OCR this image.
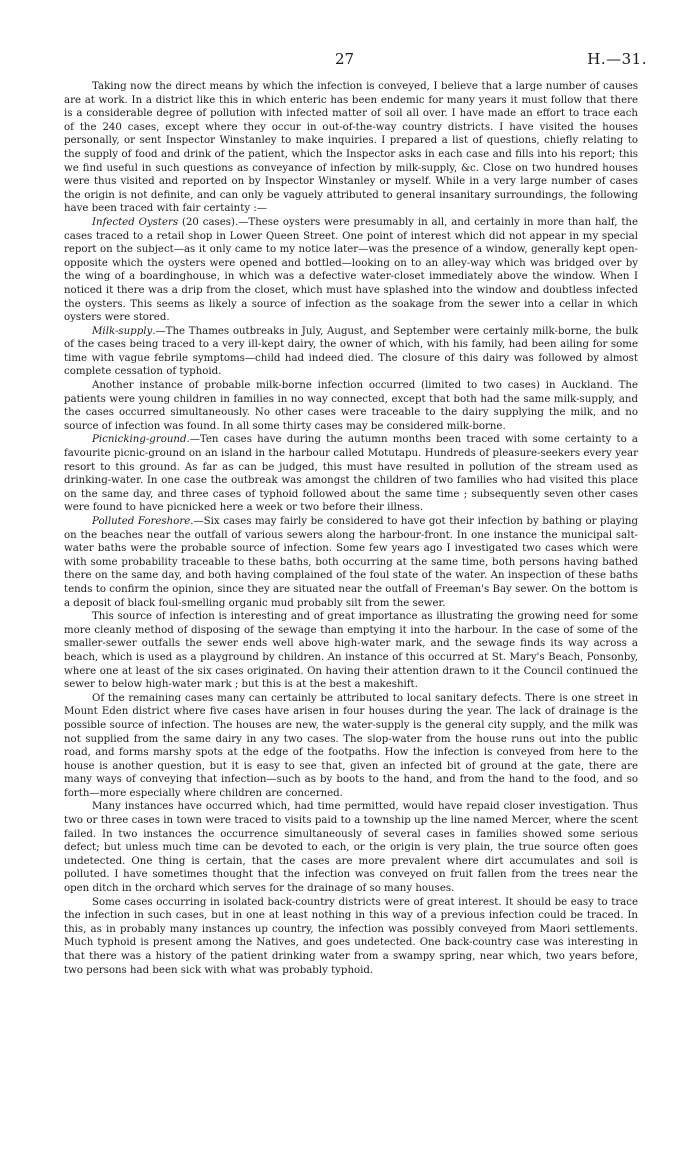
27	H.—31.

Taking now the direct means by which the infection is conveyed, I believe that a large number of causes are at work. In a district like this in which enteric has been endemic for many years it must follow that there is a considerable degree of pollution with infected matter of soil all over. I have made an effort to trace each of the 240 cases, except where they occur in out-of-the-way country districts. I have visited the houses personally, or sent Inspector Winstanley to make inquiries. I prepared a list of questions, chiefly relating to the supply of food and drink of the patient, which the Inspector asks in each case and fills into his report; this we find useful in such questions as conveyance of infection by milk-supply, &c. Close on two hundred houses were thus visited and reported on by Inspector Winstanley or myself. While in a very large number of cases the origin is not definite, and can only be vaguely attributed to general insanitary surroundings, the following have been traced with fair certainty :—

Infected Oysters (20 cases).—These oysters were presumably in all, and certainly in more than half, the cases traced to a retail shop in Lower Queen Street. One point of interest which did not appear in my special report on the subject—as it only came to my notice later—was the presence of a window, generally kept open- opposite which the oysters were opened and bottled—looking on to an alley-way which was bridged over by the wing of a boardinghouse, in which was a defective water-closet immediately above the window. When I noticed it there was a drip from the closet, which must have splashed into the window and doubtless infected the oysters. This seems as likely a source of infection as the soakage from the sewer into a cellar in which oysters were stored.

Milk-supply.—The Thames outbreaks in July, August, and September were certainly milk-borne, the bulk of the cases being traced to a very ill-kept dairy, the owner of which, with his family, had been ailing for some time with vague febrile symptoms—child had indeed died. The closure of this dairy was followed by almost complete cessation of typhoid.

Another instance of probable milk-borne infection occurred (limited to two cases) in Auckland. The patients were young children in families in no way connected, except that both had the same milk-supply, and the cases occurred simultaneously. No other cases were traceable to the dairy supplying the milk, and no source of infection was found. In all some thirty cases may be considered milk-borne.

Picnicking-ground.—Ten cases have during the autumn months been traced with some certainty to a favourite picnic-ground on an island in the harbour called Motutapu. Hundreds of pleasure-seekers every year resort to this ground. As far as can be judged, this must have resulted in pollution of the stream used as drinking-water. In one case the outbreak was amongst the children of two families who had visited this place on the same day, and three cases of typhoid followed about the same time ; subsequently seven other cases were found to have picnicked here a week or two before their illness.

Polluted Foreshore.—Six cases may fairly be considered to have got their infection by bathing or playing on the beaches near the outfall of various sewers along the harbour-front. In one instance the municipal salt-water baths were the probable source of infection. Some few years ago I investigated two cases which were with some probability traceable to these baths, both occurring at the same time, both persons having bathed there on the same day, and both having complained of the foul state of the water. An inspection of these baths tends to confirm the opinion, since they are situated near the outfall of Freeman's Bay sewer. On the bottom is a deposit of black foul-smelling organic mud probably silt from the sewer.

This source of infection is interesting and of great importance as illustrating the growing need for some more cleanly method of disposing of the sewage than emptying it into the harbour. In the case of some of the smaller-sewer outfalls the sewer ends well above high-water mark, and the sewage finds its way across a beach, which is used as a playground by children. An instance of this occurred at St. Mary's Beach, Ponsonby, where one at least of the six cases originated. On having their attention drawn to it the Council continued the sewer to below high-water mark ; but this is at the best a makeshift.

Of the remaining cases many can certainly be attributed to local sanitary defects. There is one street in Mount Eden district where five cases have arisen in four houses during the year. The lack of drainage is the possible source of infection. The houses are new, the water-supply is the general city supply, and the milk was not supplied from the same dairy in any two cases. The slop-water from the house runs out into the public road, and forms marshy spots at the edge of the footpaths. How the infection is conveyed from here to the house is another question, but it is easy to see that, given an infected bit of ground at the gate, there are many ways of conveying that infection—such as by boots to the hand, and from the hand to the food, and so forth—more especially where children are concerned.

Many instances have occurred which, had time permitted, would have repaid closer investigation. Thus two or three cases in town were traced to visits paid to a township up the line named Mercer, where the scent failed. In two instances the occurrence simultaneously of several cases in families showed some serious defect; but unless much time can be devoted to each, or the origin is very plain, the true source often goes undetected. One thing is certain, that the cases are more prevalent where dirt accumulates and soil is polluted. I have sometimes thought that the infection was conveyed on fruit fallen from the trees near the open ditch in the orchard which serves for the drainage of so many houses.

Some cases occurring in isolated back-country districts were of great interest. It should be easy to trace the infection in such cases, but in one at least nothing in this way of a previous infection could be traced. In this, as in probably many instances up country, the infection was possibly conveyed from Maori settlements. Much typhoid is present among the Natives, and goes undetected. One back-country case was interesting in that there was a history of the patient drinking water from a swampy spring, near which, two years before, two persons had been sick with what was probably typhoid.
